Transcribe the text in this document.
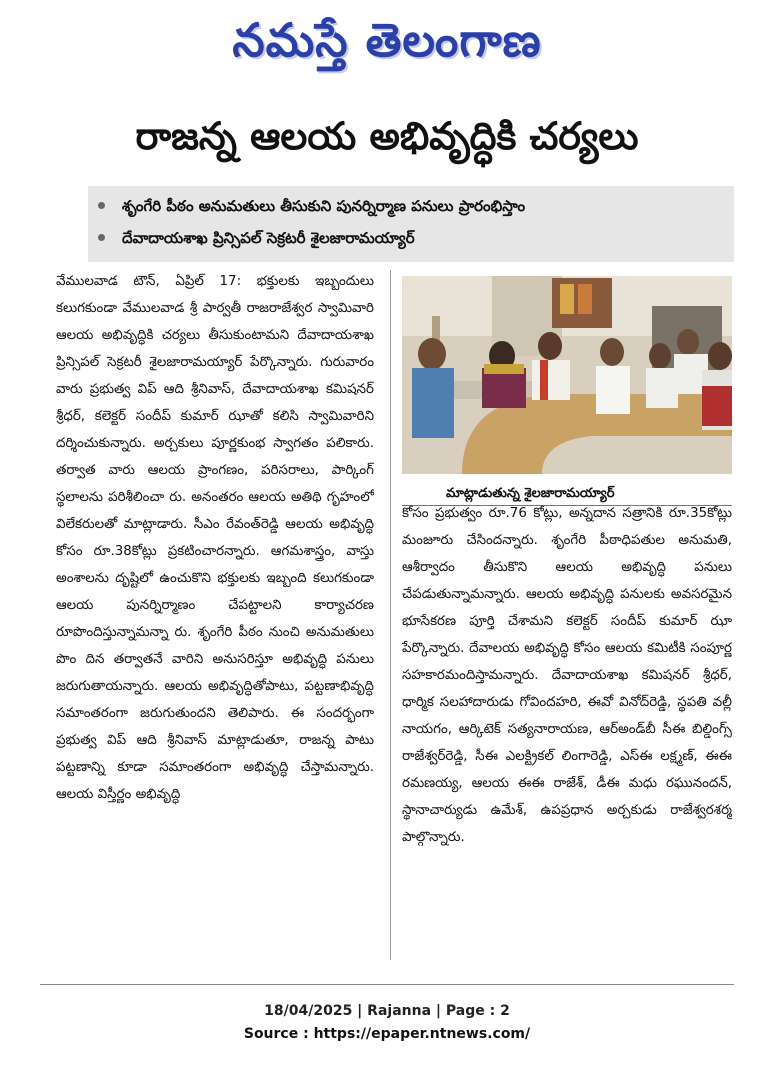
నమస్తే తెలంగాణ
రాజన్న ఆలయ అభివృద్ధికి చర్యలు
శృంగేరి పీఠం అనుమతులు తీసుకుని పునర్నిర్మాణ పనులు ప్రారంభిస్తాం
దేవాదాయశాఖ ప్రిన్సిపల్ సెక్రటరీ శైలజారామయ్యార్
వేములవాడ టౌన్, ఏప్రిల్ 17: భక్తులకు ఇబ్బందులు కలుగకుండా వేములవాడ శ్రీ పార్వతీ రాజరాజేశ్వర స్వామివారి ఆలయ అభివృద్ధికి చర్యలు తీసుకుంటామని దేవాదాయశాఖ ప్రిన్సిపల్ సెక్రటరీ శైలజారామయ్యార్ పేర్కొన్నారు. గురువారం వారు ప్రభుత్వ విప్ ఆది శ్రీనివాస్, దేవాదాయశాఖ కమిషనర్ శ్రీధర్, కలెక్టర్ సందీప్ కుమార్ ఝాతో కలిసి స్వామివారిని దర్శించుకున్నారు. అర్చకులు పూర్ణకుంభ స్వాగతం పలికారు. తర్వాత వారు ఆలయ ప్రాంగణం, పరిసరాలు, పార్కింగ్ స్థలాలను పరిశీలించా రు. అనంతరం ఆలయ అతిథి గృహంలో విలేకరులతో మాట్లాడారు. సీఎం రేవంత్‌రెడ్డి ఆలయ అభివృద్ధి కోసం రూ.38కోట్లు ప్రకటించారన్నారు. ఆగమశాస్త్రం, వాస్తు అంశాలను దృష్టిలో ఉంచుకొని భక్తులకు ఇబ్బంది కలుగకుండా ఆలయ పునర్నిర్మాణం చేపట్టాలని కార్యాచరణ రూపొందిస్తున్నామన్నా రు. శృంగేరి పీఠం నుంచి అనుమతులు పొం దిన తర్వాతనే వారిని అనుసరిస్తూ అభివృద్ధి పనులు జరుగుతాయన్నారు. ఆలయ అభివృద్ధితోపాటు, పట్టణాభివృద్ధి సమాంతరంగా జరుగుతుందని తెలిపారు. ఈ సందర్భంగా ప్రభుత్వ విప్ ఆది శ్రీనివాస్ మాట్లాడుతూ, రాజన్న పాటు పట్టణాన్ని కూడా సమాంతరంగా అభివృద్ధి చేస్తామన్నారు. ఆలయ విస్తీర్ణం అభివృద్ధి
మాట్లాడుతున్న శైలజారామయ్యార్
కోసం ప్రభుత్వం రూ.76 కోట్లు, అన్నదాన సత్రానికి రూ.35కోట్లు మంజూరు చేసిందన్నారు. శృంగేరి పీఠాధిపతుల అనుమతి, ఆశీర్వాదం తీసుకొని ఆలయ అభివృద్ధి పనులు చేపడుతున్నామన్నారు. ఆలయ అభివృద్ధి పనులకు అవసరమైన భూసేకరణ పూర్తి చేశామని కలెక్టర్ సందీప్ కుమార్ ఝా పేర్కొన్నారు. దేవాలయ అభివృద్ధి కోసం ఆలయ కమిటీకి సంపూర్ణ సహకారమందిస్తామన్నారు. దేవాదాయశాఖ కమిషనర్ శ్రీధర్, ధార్మిక సలహాదారుడు గోవిందహరి, ఈవో వినోద్‌రెడ్డి, స్థపతి వల్లీ నాయగం, ఆర్కిటెక్ సత్యనారాయణ, ఆర్అండ్‌బీ సీఈ బిల్డింగ్స్ రాజేశ్వర్‌రెడ్డి, సీఈ ఎలక్ట్రికల్ లింగారెడ్డి, ఎస్ఈ లక్ష్మణ్, ఈఈ రమణయ్య, ఆలయ ఈఈ రాజేశ్, డీఈ మధు రఘునందన్, స్థానాచార్యుడు ఉమేశ్, ఉపప్రధాన అర్చకుడు రాజేశ్వరశర్మ పాల్గొన్నారు.
18/04/2025 | Rajanna | Page : 2
Source : https://epaper.ntnews.com/
